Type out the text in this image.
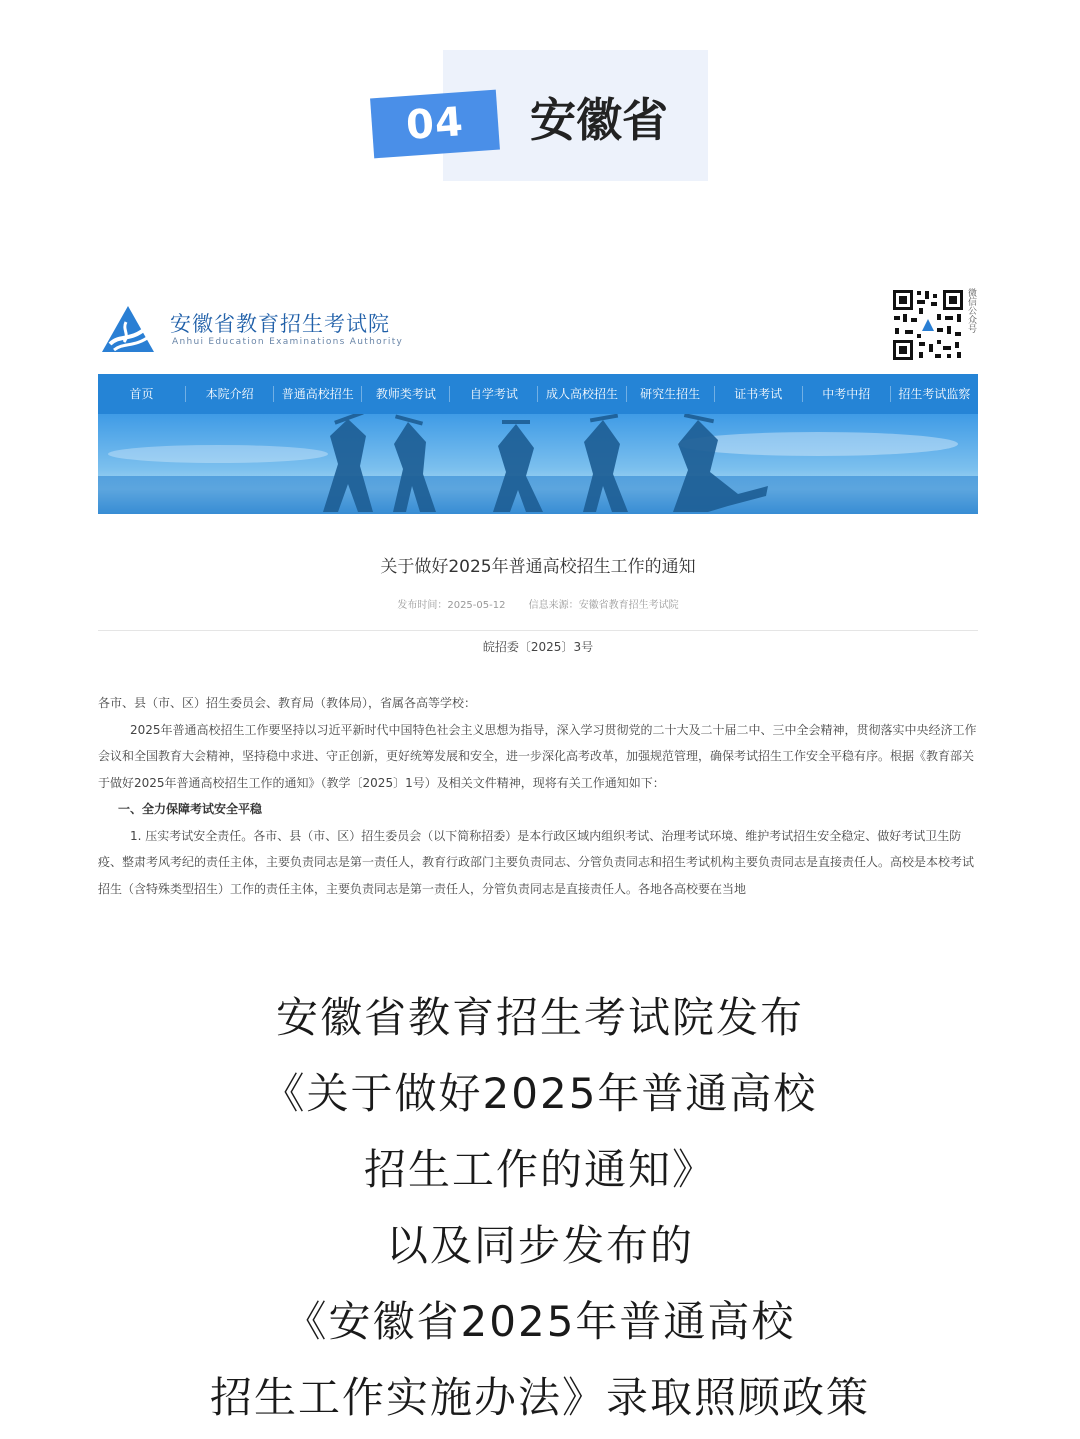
04 安徽省
安徽省教育招生考试院
Anhui Education Examinations Authority
微信公众号
首页	本院介绍	普通高校招生	教师类考试	自学考试	成人高校招生	研究生招生	证书考试	中考中招	招生考试监察
关于做好2025年普通高校招生工作的通知
发布时间：2025-05-12 信息来源：安徽省教育招生考试院
皖招委〔2025〕3号

各市、县（市、区）招生委员会、教育局（教体局），省属各高等学校：

2025年普通高校招生工作要坚持以习近平新时代中国特色社会主义思想为指导，深入学习贯彻党的二十大及二十届二中、三中全会精神，贯彻落实中央经济工作会议和全国教育大会精神，坚持稳中求进、守正创新，更好统筹发展和安全，进一步深化高考改革，加强规范管理，确保考试招生工作安全平稳有序。根据《教育部关于做好2025年普通高校招生工作的通知》（教学〔2025〕1号）及相关文件精神，现将有关工作通知如下：

一、全力保障考试安全平稳

1. 压实考试安全责任。各市、县（市、区）招生委员会（以下简称招委）是本行政区域内组织考试、治理考试环境、维护考试招生安全稳定、做好考试卫生防疫、整肃考风考纪的责任主体，主要负责同志是第一责任人，教育行政部门主要负责同志、分管负责同志和招生考试机构主要负责同志是直接责任人。高校是本校考试招生（含特殊类型招生）工作的责任主体，主要负责同志是第一责任人，分管负责同志是直接责任人。各地各高校要在当地

安徽省教育招生考试院发布
《关于做好2025年普通高校
招生工作的通知》
以及同步发布的
《安徽省2025年普通高校
招生工作实施办法》录取照顾政策
